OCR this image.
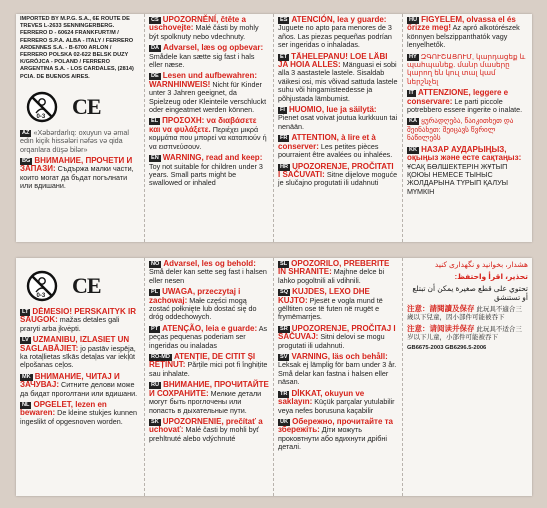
IMPORTED BY M.P.G. S.A., 6E ROUTE DE TREVES L-2633 SENNINGERBERG. FERRERO D - 60624 FRANKFURT/M / FERRERO S.P.A. ALBA - ITALY / FERRERO ARDENNES S.A. - B-6700 ARLON / FERRERO POLSKA 02-622 BELSK DUZY K/GRÓJCA - POLAND / FERRERO ARGENTINA S.A. - LOS CARDALES, (2814) PCIA. DE BUENOS AIRES.
0-3 CE
AZ «Xəbərdarlıq: oxuyun və əmal edin kiçik hissələri nəfəs və qida orqanlara düşə bilər»
BG ВНИМАНИЕ, ПРОЧЕТИ И ЗАПАЗИ: Съдържа малки части, които могат да бъдат погълнати или вдишани.
CS UPOZORNĚNÍ, čtěte a uschovejte: Malé části by mohly být spolknuty nebo vdechnuty.
DA Advarsel, læs og opbevar: Smådele kan sætte sig fast i hals eller næse.
DE Lesen und aufbewahren: WARNHINWEIS! Nicht für Kinder unter 3 Jahren geeignet, da Spielzeug oder Kleinteile verschluckt oder eingeatmet werden können.
EL ΠΡΟΣΟΧΗ: να διαβάσετε και να φυλάξετε. Περιέχει μικρά κομμάτια που μπορεί να καταπιούν ή να εισπνεύσουν.
EN WARNING, read and keep: Toy not suitable for children under 3 years. Small parts might be swallowed or inhaled
ES ATENCIÓN, lea y guarde: Juguete no apto para menores de 3 años. Las piezas pequeñas podrían ser ingeridas o inhaladas.
ET TÄHELEPANU! LOE LÄBI JA HOIA ALLES: Mänguasi ei sobi alla 3 aastastele lastele. Sisaldab väikesi osi, mis võivad sattuda lastele suhu või hingamisteedesse ja põhjustada lämbumist.
FI HUOMIO, lue ja säilytä: Pienet osat voivat joutua kurkkuun tai nenään.
FR ATTENTION, à lire et à conserver: Les petites pièces pourraient être avalées ou inhalées.
HR UPOZORENJE, PROČITATI I SAČUVATI: Sitne dijelove moguće je slučajno progutati ili udahnuti
HU FIGYELEM, olvassa el és őrizze meg! Az apró alkotórészek könnyen belszippanthatók vagy lenyelhetők.
HY ԶԳՈՒՇԱՑՈՒՄ, կարդացեք և պահպանեք. մանր մասերը կարող են կուլ տալ կամ ներշնչել
IT ATTENZIONE, leggere e conservare: Le parti piccole potrebbero essere ingerite o inalate.
KA ყურადღება, წაიკითხეთ და შეინახეთ: შეიცავს წვრილ ნაწილებს
KK НАЗАР АУДАРЫҢЫЗ, оқыңыз және есте сақтаңыз: ҰСАҚ БӨЛШЕКТЕРІН ЖҰТЫП ҚОЮЫ НЕМЕСЕ ТЫНЫС ЖОЛДАРЫНА ТҮРЫП ҚАЛУЫ МҮМКІН
0-3 CE
LT DĖMESIO! PERSKAITYK IR SAUGOK: mažas detales gali praryti arba įkvėpti.
LV UZMANIBU, IZLASIET UN SAGLABĀJIET: jo pastāv iespēja, ka rotaļlietas sīkās detaļas var iekļūt elpošanas ceļos.
MK ВНИМАНИЕ, ЧИТАЈ И ЗАЧУВАЈ: Ситните делови може да бидат проголтани или вдишани.
NL OPGELET, lezen en bewaren: De kleine stukjes kunnen ingeslikt of opgesnoven worden.
NO Advarsel, les og behold: Små deler kan sette seg fast i halsen eller nesen
PL UWAGA, przeczytaj i zachowaj: Małe części mogą zostać połknięte lub dostać się do dróg oddechowych.
PT ATENÇÃO, leia e guarde: As peças pequenas poderiam ser ingeridas ou inaladas
RO-MD ATENȚIE, DE CITIT ȘI REȚINUT: Părțile mici pot fi înghițite sau inhalate.
RU ВНИМАНИЕ, ПРОЧИТАЙТЕ И СОХРАНИТЕ: Мелкие детали могут быть проглочены или попасть в дыхательные пути.
SK UPOZORNENIE, prečítať a uchovať: Malé časti by mohli byť prehltnuté alebo vdýchnuté
SL OPOZORILO, PREBERITE IN SHRANITE: Majhne delce bi lahko pogoltnili ali vdihnili.
SQ KUJDES, LEXO DHE KUJTO: Pjesët e vogla mund të gëlltiten ose të futen në rrugët e frymëmarrjes.
SR UPOZORENJE, PROČITAJ I SAČUVAJ: Sitni delovi se mogu progutati ili udahnuti.
SV VARNING, läs och behåll: Leksak ej lämplig för barn under 3 år. Små delar kan fastna i halsen eller näsan.
TR DİKKAT, okuyun ve saklayın: Küçük parçalar yutulabilir veya nefes borusuna kaçabilir
UK Обережно, прочитайте та збережіть: Діти можуть проковтнути або вдихнути дрібні деталі.
هشدار، بخوانید و نگهداری کنید
تحذير، اقرأ واحتفظ:
تحتوي على قطع صغيرة يمكن أن تبتلع أو تستنشق
注意：請閱讀及保存 此玩具不適合三歲以下兒童，因小部件可能被吞下
注意：请阅读并保存 此玩具不适合三岁以下儿童，小部件可能被吞下
GB6675-2003 GB6296.5-2006
